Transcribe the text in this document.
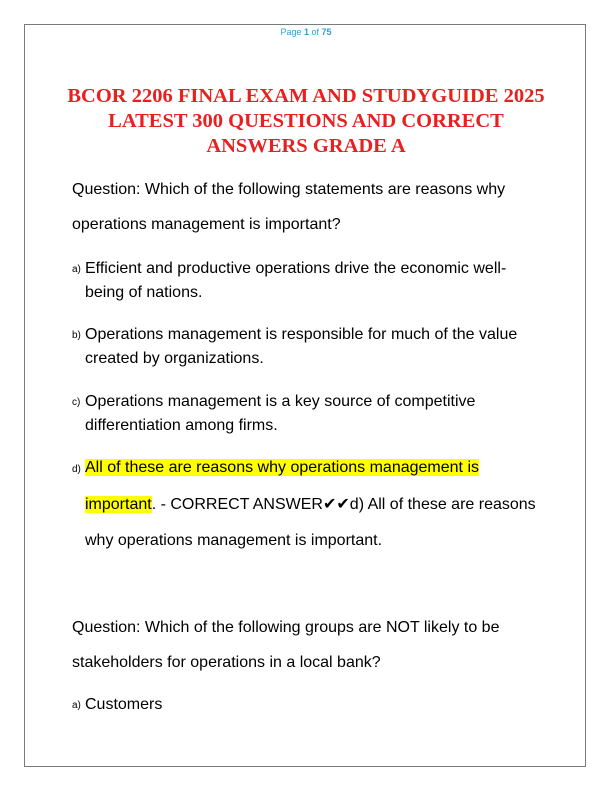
Page 1 of 75
BCOR 2206 FINAL EXAM AND STUDYGUIDE 2025
LATEST 300 QUESTIONS AND CORRECT
ANSWERS GRADE A
Question: Which of the following statements are reasons why
operations management is important?
a) Efficient and productive operations drive the economic well-being of nations.
b) Operations management is responsible for much of the value created by organizations.
c) Operations management is a key source of competitive differentiation among firms.
d) All of these are reasons why operations management is
important. - CORRECT ANSWER✔✔d) All of these are reasons
why operations management is important.
Question: Which of the following groups are NOT likely to be
stakeholders for operations in a local bank?
a) Customers
